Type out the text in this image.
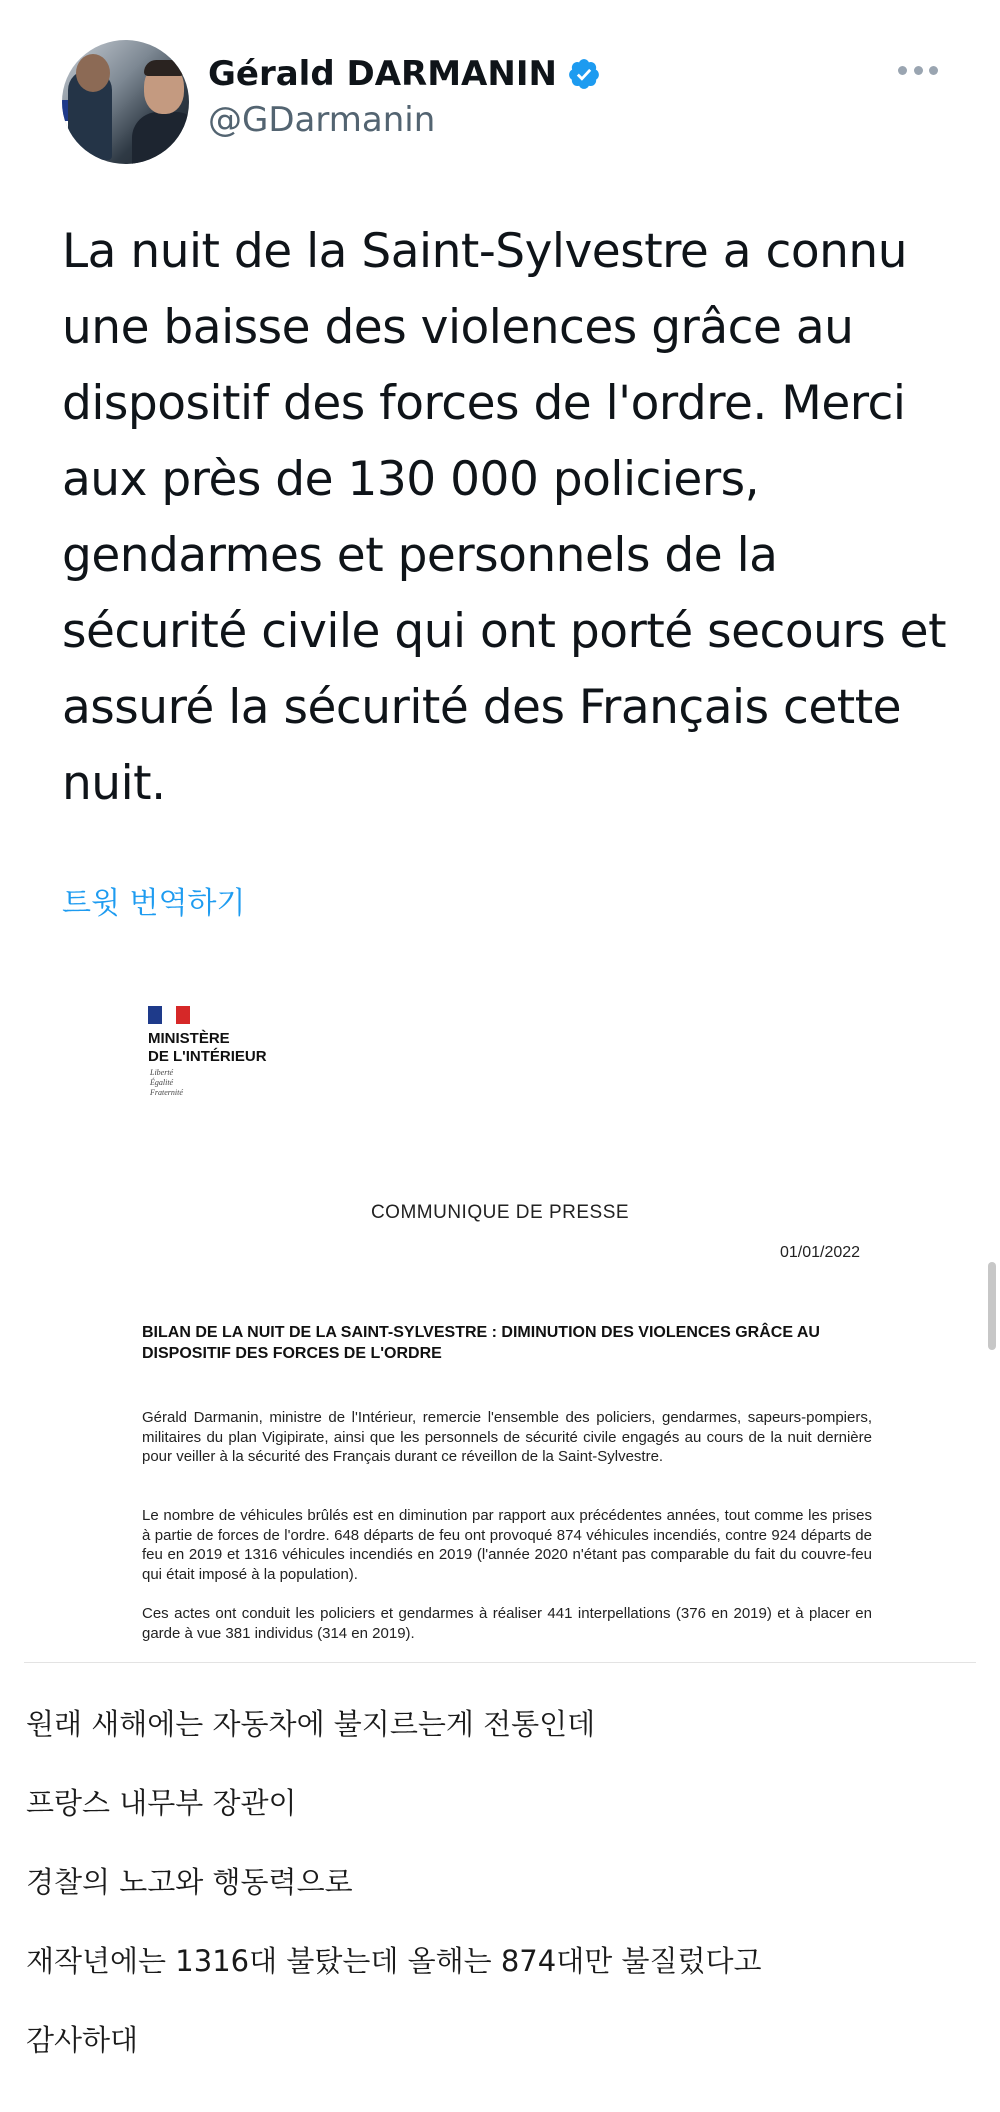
Gérald DARMANIN
@GDarmanin
La nuit de la Saint-Sylvestre a connu une baisse des violences grâce au dispositif des forces de l'ordre. Merci aux près de 130 000 policiers, gendarmes et personnels de la sécurité civile qui ont porté secours et assuré la sécurité des Français cette nuit.
트윗 번역하기
MINISTÈRE
DE L'INTÉRIEUR
Liberté
Égalité
Fraternité
COMMUNIQUE DE PRESSE
01/01/2022
BILAN DE LA NUIT DE LA SAINT-SYLVESTRE : DIMINUTION DES VIOLENCES GRÂCE AU DISPOSITIF DES FORCES DE L'ORDRE
Gérald Darmanin, ministre de l'Intérieur, remercie l'ensemble des policiers, gendarmes, sapeurs-pompiers, militaires du plan Vigipirate, ainsi que les personnels de sécurité civile engagés au cours de la nuit dernière pour veiller à la sécurité des Français durant ce réveillon de la Saint-Sylvestre.
Le nombre de véhicules brûlés est en diminution par rapport aux précédentes années, tout comme les prises à partie de forces de l'ordre. 648 départs de feu ont provoqué 874 véhicules incendiés, contre 924 départs de feu en 2019 et 1316 véhicules incendiés en 2019 (l'année 2020 n'étant pas comparable du fait du couvre-feu qui était imposé à la population).
Ces actes ont conduit les policiers et gendarmes à réaliser 441 interpellations (376 en 2019) et à placer en garde à vue 381 individus (314 en 2019).
원래 새해에는 자동차에 불지르는게 전통인데
프랑스 내무부 장관이
경찰의 노고와 행동력으로
재작년에는 1316대 불탔는데 올해는 874대만 불질렀다고
감사하대
